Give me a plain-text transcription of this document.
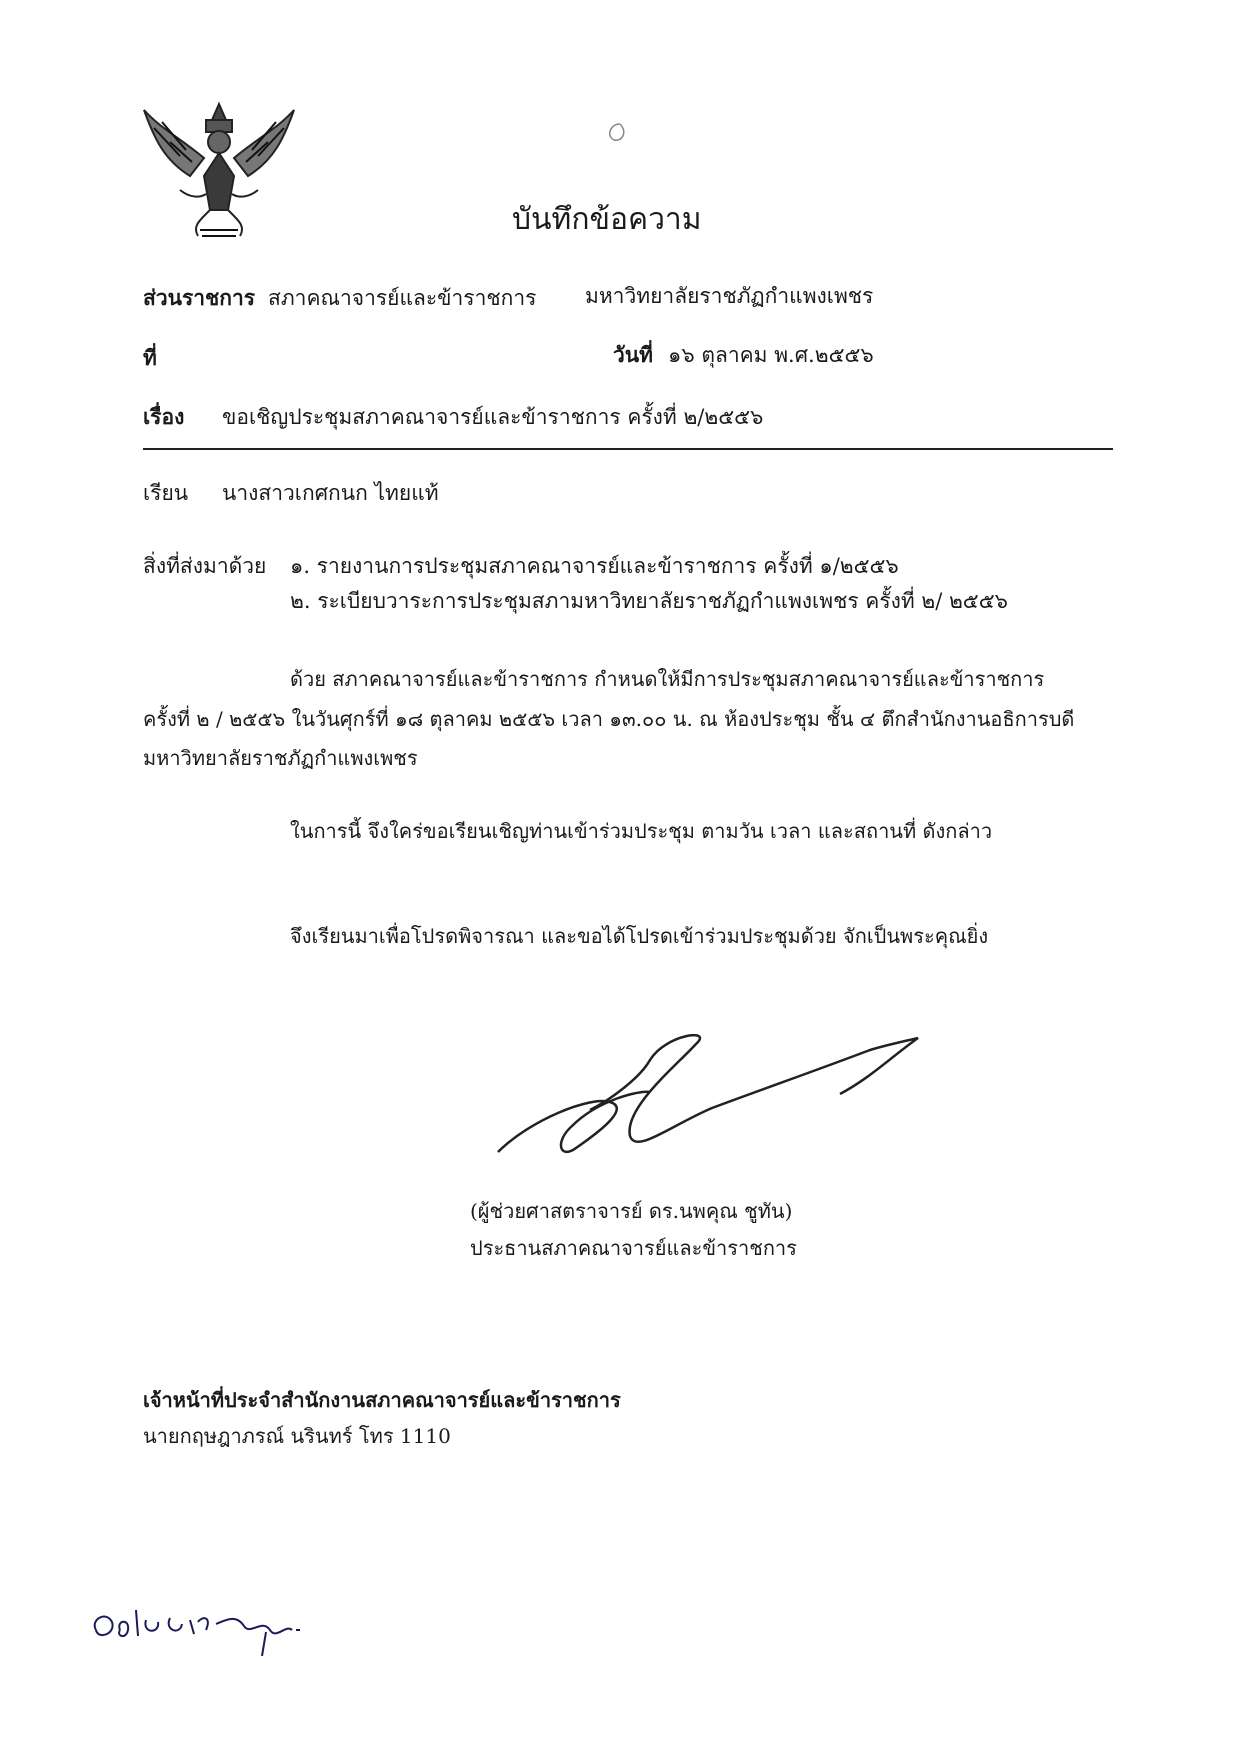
บันทึกข้อความ
ส่วนราชการ สภาคณาจารย์และข้าราชการ มหาวิทยาลัยราชภัฏกำแพงเพชร
ที่	วันที่ ๑๖ ตุลาคม พ.ศ.๒๕๕๖
เรื่อง ขอเชิญประชุมสภาคณาจารย์และข้าราชการ ครั้งที่ ๒/๒๕๕๖
เรียน นางสาวเกศกนก ไทยแท้
สิ่งที่ส่งมาด้วย ๑. รายงานการประชุมสภาคณาจารย์และข้าราชการ ครั้งที่ ๑/๒๕๕๖
๒. ระเบียบวาระการประชุมสภามหาวิทยาลัยราชภัฏกำแพงเพชร ครั้งที่ ๒/ ๒๕๕๖
ด้วย สภาคณาจารย์และข้าราชการ กำหนดให้มีการประชุมสภาคณาจารย์และข้าราชการ
ครั้งที่ ๒ / ๒๕๕๖ ในวันศุกร์ที่ ๑๘ ตุลาคม ๒๕๕๖ เวลา ๑๓.๐๐ น. ณ ห้องประชุม ชั้น ๔ ตึกสำนักงานอธิการบดี
มหาวิทยาลัยราชภัฏกำแพงเพชร
ในการนี้ จึงใคร่ขอเรียนเชิญท่านเข้าร่วมประชุม ตามวัน เวลา และสถานที่ ดังกล่าว
จึงเรียนมาเพื่อโปรดพิจารณา และขอได้โปรดเข้าร่วมประชุมด้วย จักเป็นพระคุณยิ่ง
(ผู้ช่วยศาสตราจารย์ ดร.นพคุณ ชูทัน)
ประธานสภาคณาจารย์และข้าราชการ
เจ้าหน้าที่ประจำสำนักงานสภาคณาจารย์และข้าราชการ
นายกฤษฎาภรณ์ นรินทร์ โทร 1110
